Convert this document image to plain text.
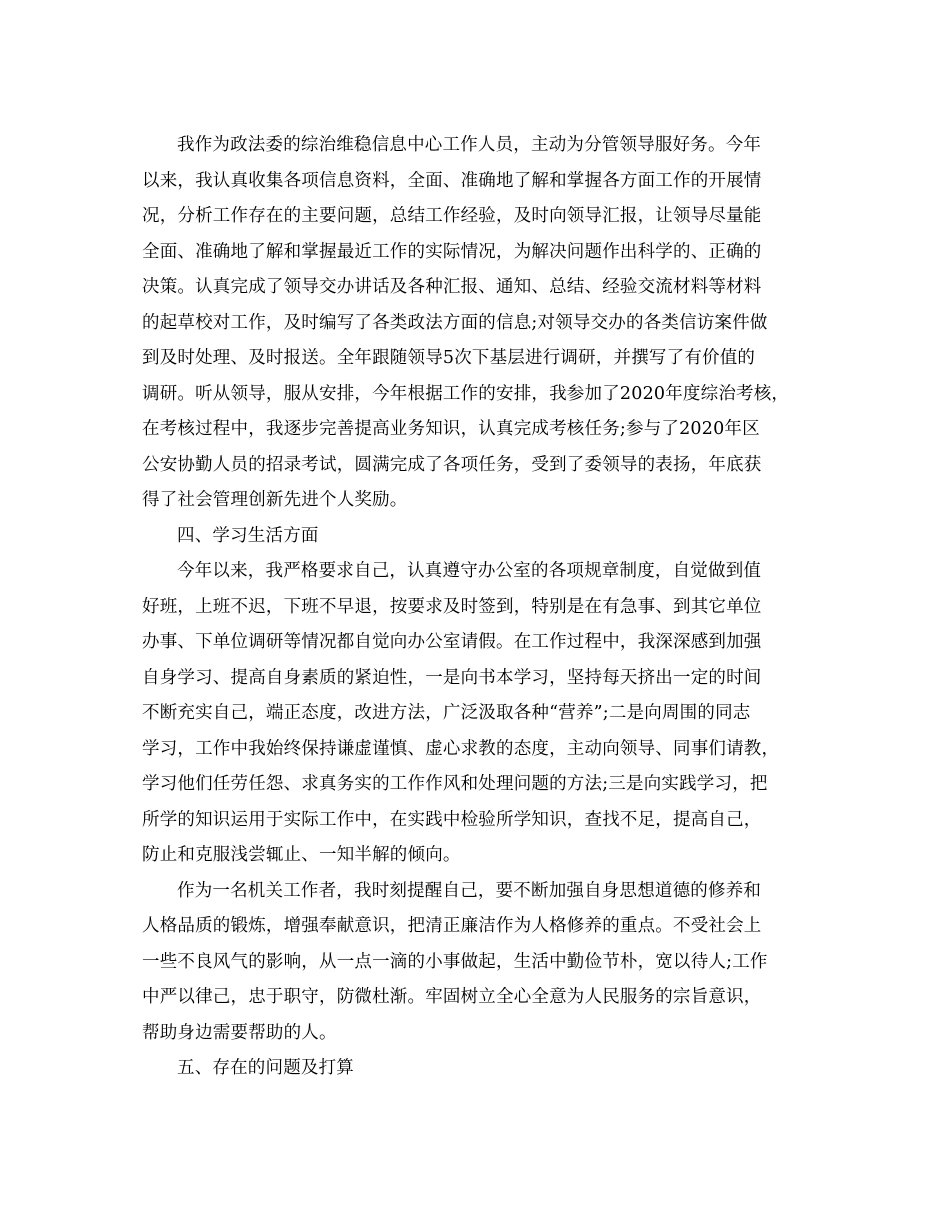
我作为政法委的综治维稳信息中心工作人员，主动为分管领导服好务。今年
以来，我认真收集各项信息资料，全面、准确地了解和掌握各方面工作的开展情
况，分析工作存在的主要问题，总结工作经验，及时向领导汇报，让领导尽量能
全面、准确地了解和掌握最近工作的实际情况，为解决问题作出科学的、正确的
决策。认真完成了领导交办讲话及各种汇报、通知、总结、经验交流材料等材料
的起草校对工作，及时编写了各类政法方面的信息;对领导交办的各类信访案件做
到及时处理、及时报送。全年跟随领导5次下基层进行调研，并撰写了有价值的
调研。听从领导，服从安排，今年根据工作的安排，我参加了2020年度综治考核，
在考核过程中，我逐步完善提高业务知识，认真完成考核任务;参与了2020年区
公安协勤人员的招录考试，圆满完成了各项任务，受到了委领导的表扬，年底获
得了社会管理创新先进个人奖励。
四、学习生活方面
今年以来，我严格要求自己，认真遵守办公室的各项规章制度，自觉做到值
好班，上班不迟，下班不早退，按要求及时签到，特别是在有急事、到其它单位
办事、下单位调研等情况都自觉向办公室请假。在工作过程中，我深深感到加强
自身学习、提高自身素质的紧迫性，一是向书本学习，坚持每天挤出一定的时间
不断充实自己，端正态度，改进方法，广泛汲取各种“营养”;二是向周围的同志
学习，工作中我始终保持谦虚谨慎、虚心求教的态度，主动向领导、同事们请教，
学习他们任劳任怨、求真务实的工作作风和处理问题的方法;三是向实践学习，把
所学的知识运用于实际工作中，在实践中检验所学知识，查找不足，提高自己，
防止和克服浅尝辄止、一知半解的倾向。
作为一名机关工作者，我时刻提醒自己，要不断加强自身思想道德的修养和
人格品质的锻炼，增强奉献意识，把清正廉洁作为人格修养的重点。不受社会上
一些不良风气的影响，从一点一滴的小事做起，生活中勤俭节朴，宽以待人;工作
中严以律己，忠于职守，防微杜渐。牢固树立全心全意为人民服务的宗旨意识，
帮助身边需要帮助的人。
五、存在的问题及打算
